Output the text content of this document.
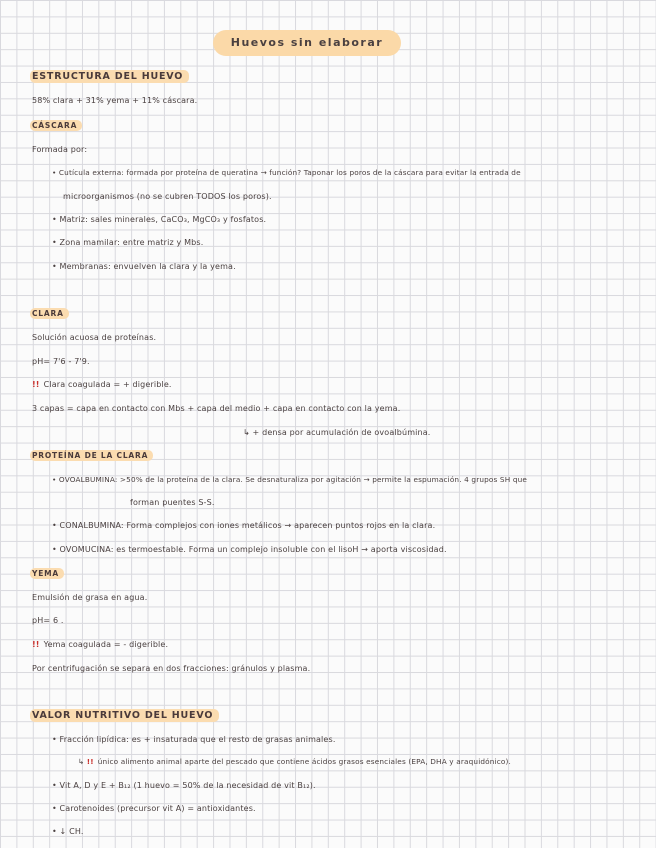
Huevos sin elaborar
ESTRUCTURA DEL HUEVO
58% clara + 31% yema + 11% cáscara.
CÁSCARA
Formada por:
• Cutícula externa: formada por proteína de queratina → función? Taponar los poros de la cáscara para evitar la entrada de
microorganismos (no se cubren TODOS los poros).
• Matriz: sales minerales, CaCO₃, MgCO₃ y fosfatos.
• Zona mamilar: entre matriz y Mbs.
• Membranas: envuelven la clara y la yema.
CLARA
Solución acuosa de proteínas.
pH= 7'6 - 7'9.
!! Clara coagulada = + digerible.
3 capas = capa en contacto con Mbs + capa del medio + capa en contacto con la yema.
↳ + densa por acumulación de ovoalbúmina.
PROTEÍNA DE LA CLARA
• OVOALBUMINA: >50% de la proteína de la clara. Se desnaturaliza por agitación → permite la espumación. 4 grupos SH que
forman puentes S-S.
• CONALBUMINA: Forma complejos con iones metálicos → aparecen puntos rojos en la clara.
• OVOMUCINA: es termoestable. Forma un complejo insoluble con el lisoH → aporta viscosidad.
YEMA
Emulsión de grasa en agua.
pH= 6 .
!! Yema coagulada = - digerible.
Por centrifugación se separa en dos fracciones: gránulos y plasma.
VALOR NUTRITIVO DEL HUEVO
• Fracción lipídica: es + insaturada que el resto de grasas animales.
↳ !! único alimento animal aparte del pescado que contiene ácidos grasos esenciales (EPA, DHA y araquidónico).
• Vit A, D y E + B₁₂ (1 huevo = 50% de la necesidad de vit B₁₂).
• Carotenoides (precursor vit A) = antioxidantes.
• ↓ CH.
